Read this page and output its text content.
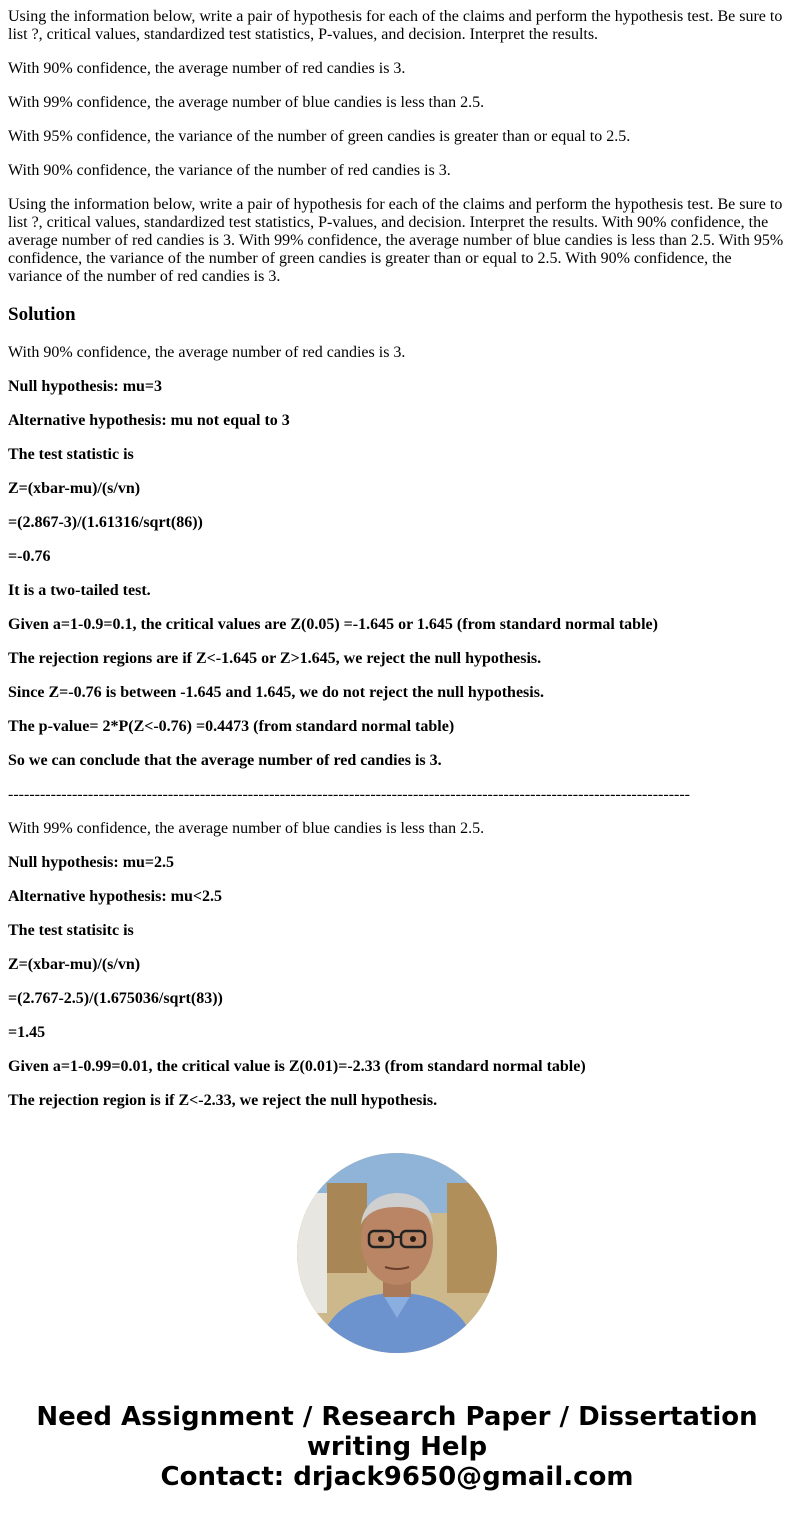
Using the information below, write a pair of hypothesis for each of the claims and perform the hypothesis test. Be sure to list ?, critical values, standardized test statistics, P-values, and decision. Interpret the results.

With 90% confidence, the average number of red candies is 3.

With 99% confidence, the average number of blue candies is less than 2.5.

With 95% confidence, the variance of the number of green candies is greater than or equal to 2.5.

With 90% confidence, the variance of the number of red candies is 3.

Using the information below, write a pair of hypothesis for each of the claims and perform the hypothesis test. Be sure to list ?, critical values, standardized test statistics, P-values, and decision. Interpret the results. With 90% confidence, the average number of red candies is 3. With 99% confidence, the average number of blue candies is less than 2.5. With 95% confidence, the variance of the number of green candies is greater than or equal to 2.5. With 90% confidence, the variance of the number of red candies is 3.

Solution

With 90% confidence, the average number of red candies is 3.

Null hypothesis: mu=3

Alternative hypothesis: mu not equal to 3

The test statistic is

Z=(xbar-mu)/(s/vn)

=(2.867-3)/(1.61316/sqrt(86))

=-0.76

It is a two-tailed test.

Given a=1-0.9=0.1, the critical values are Z(0.05) =-1.645 or 1.645 (from standard normal table)

The rejection regions are if Z<-1.645 or Z>1.645, we reject the null hypothesis.

Since Z=-0.76 is between -1.645 and 1.645, we do not reject the null hypothesis.

The p-value= 2*P(Z<-0.76) =0.4473 (from standard normal table)

So we can conclude that the average number of red candies is 3.

--------------------------------------------------------------------------------------------------------------------------------

With 99% confidence, the average number of blue candies is less than 2.5.

Null hypothesis: mu=2.5

Alternative hypothesis: mu<2.5

The test statisitc is

Z=(xbar-mu)/(s/vn)

=(2.767-2.5)/(1.675036/sqrt(83))

=1.45

Given a=1-0.99=0.01, the critical value is Z(0.01)=-2.33 (from standard normal table)

The rejection region is if Z<-2.33, we reject the null hypothesis.

Need Assignment / Research Paper / Dissertation
writing Help
Contact: drjack9650@gmail.com
